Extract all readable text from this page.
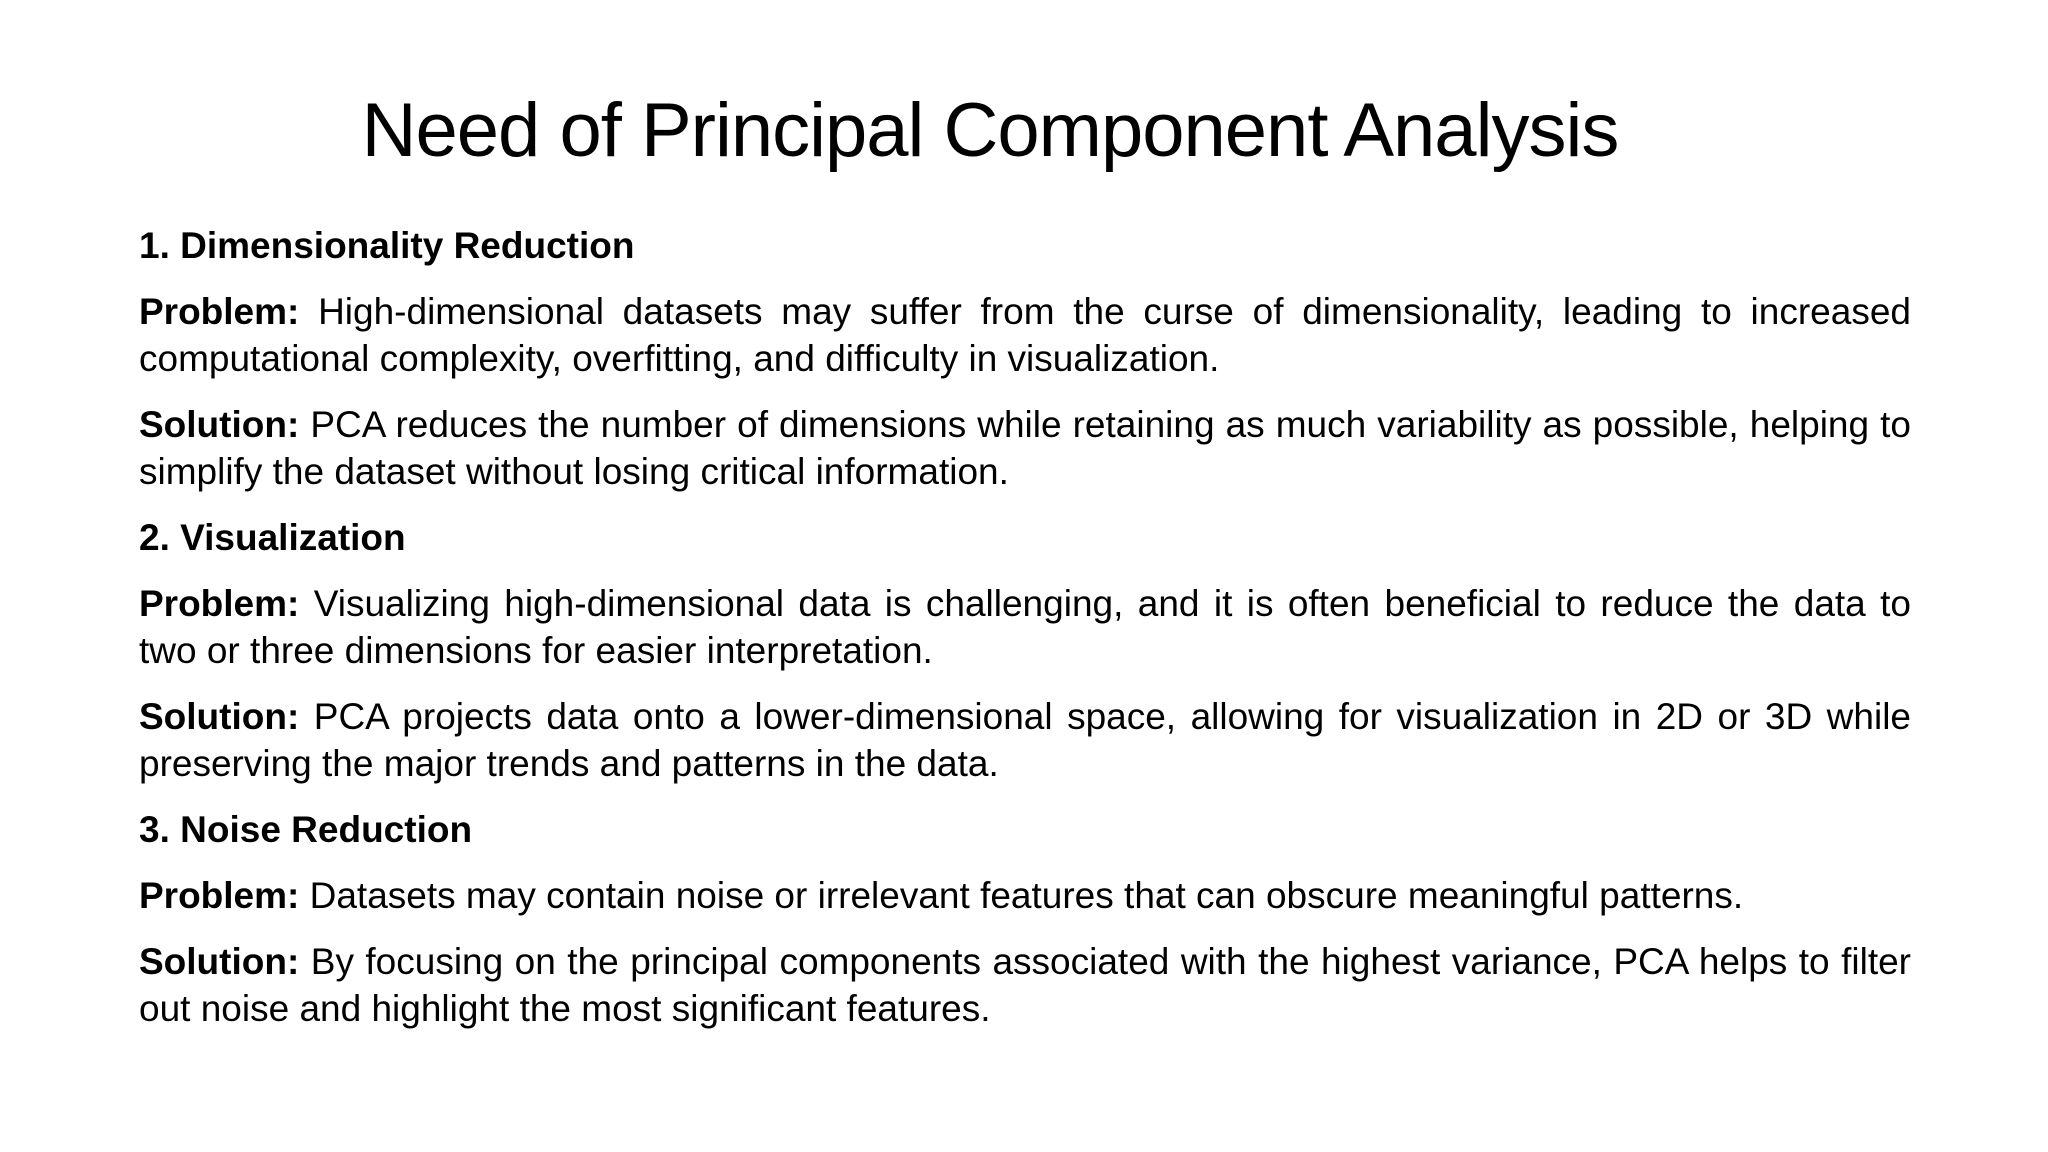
Need of Principal Component Analysis

1. Dimensionality Reduction

Problem: High-dimensional datasets may suffer from the curse of dimensionality, leading to increased computational complexity, overfitting, and difficulty in visualization.

Solution: PCA reduces the number of dimensions while retaining as much variability as possible, helping to simplify the dataset without losing critical information.

2. Visualization

Problem: Visualizing high-dimensional data is challenging, and it is often beneficial to reduce the data to two or three dimensions for easier interpretation.

Solution: PCA projects data onto a lower-dimensional space, allowing for visualization in 2D or 3D while preserving the major trends and patterns in the data.

3. Noise Reduction

Problem: Datasets may contain noise or irrelevant features that can obscure meaningful patterns.

Solution: By focusing on the principal components associated with the highest variance, PCA helps to filter out noise and highlight the most significant features.
